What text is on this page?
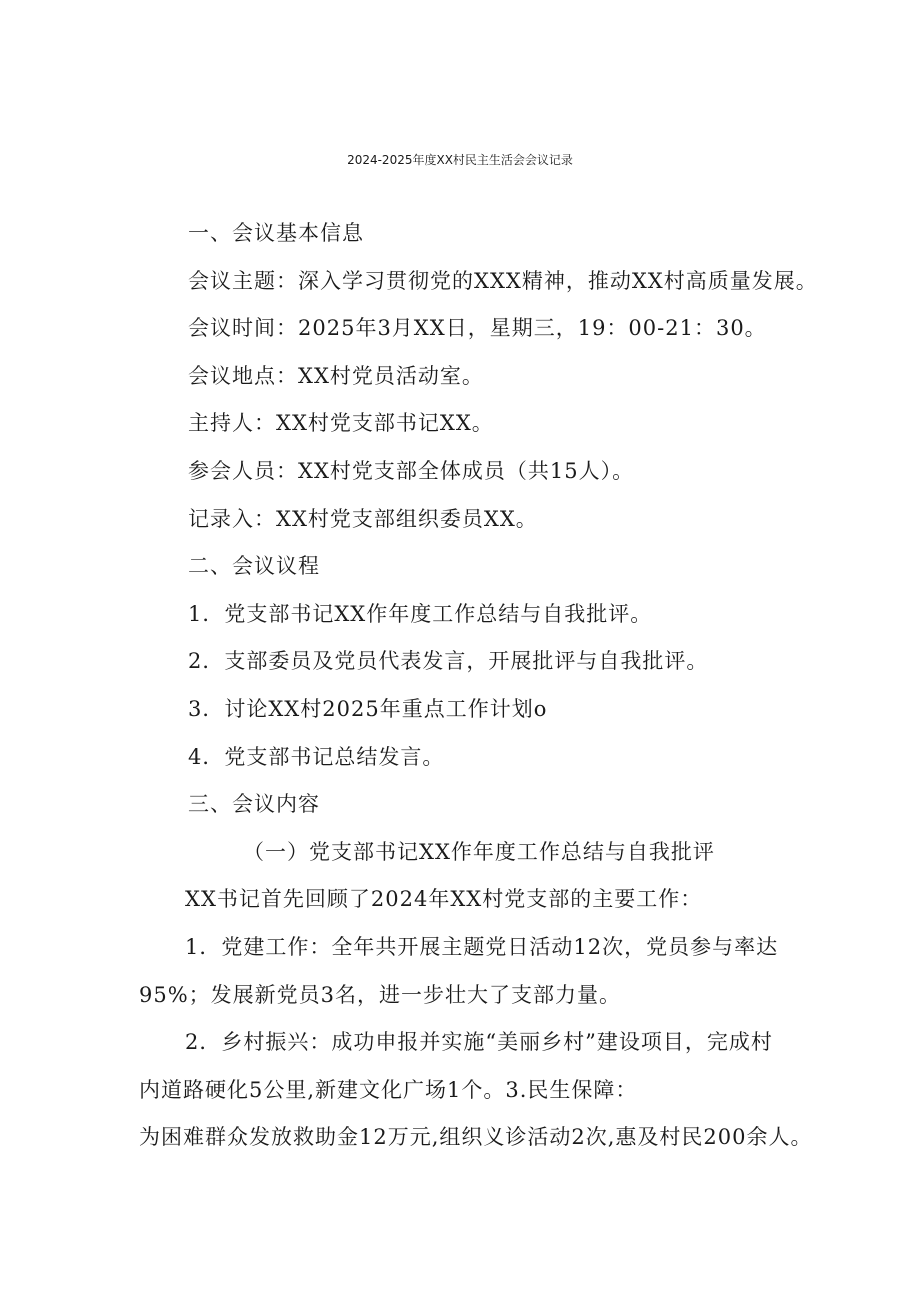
2024-2025年度XX村民主生活会会议记录
一、会议基本信息
会议主题：深入学习贯彻党的XXX精神，推动XX村高质量发展。
会议时间：2025年3月XX日，星期三，19：00-21：30。
会议地点：XX村党员活动室。
主持人：XX村党支部书记XX。
参会人员：XX村党支部全体成员（共15人）。
记录入：XX村党支部组织委员XX。
二、会议议程
1．党支部书记XX作年度工作总结与自我批评。
2．支部委员及党员代表发言，开展批评与自我批评。
3．讨论XX村2025年重点工作计划o
4．党支部书记总结发言。
三、会议内容
（一）党支部书记XX作年度工作总结与自我批评
XX书记首先回顾了2024年XX村党支部的主要工作：
1．党建工作：全年共开展主题党日活动12次，党员参与率达
95%；发展新党员3名，进一步壮大了支部力量。
2．乡村振兴：成功申报并实施“美丽乡村”建设项目，完成村
内道路硬化5公里,新建文化广场1个。3.民生保障：
为困难群众发放救助金12万元,组织义诊活动2次,惠及村民200余人。
